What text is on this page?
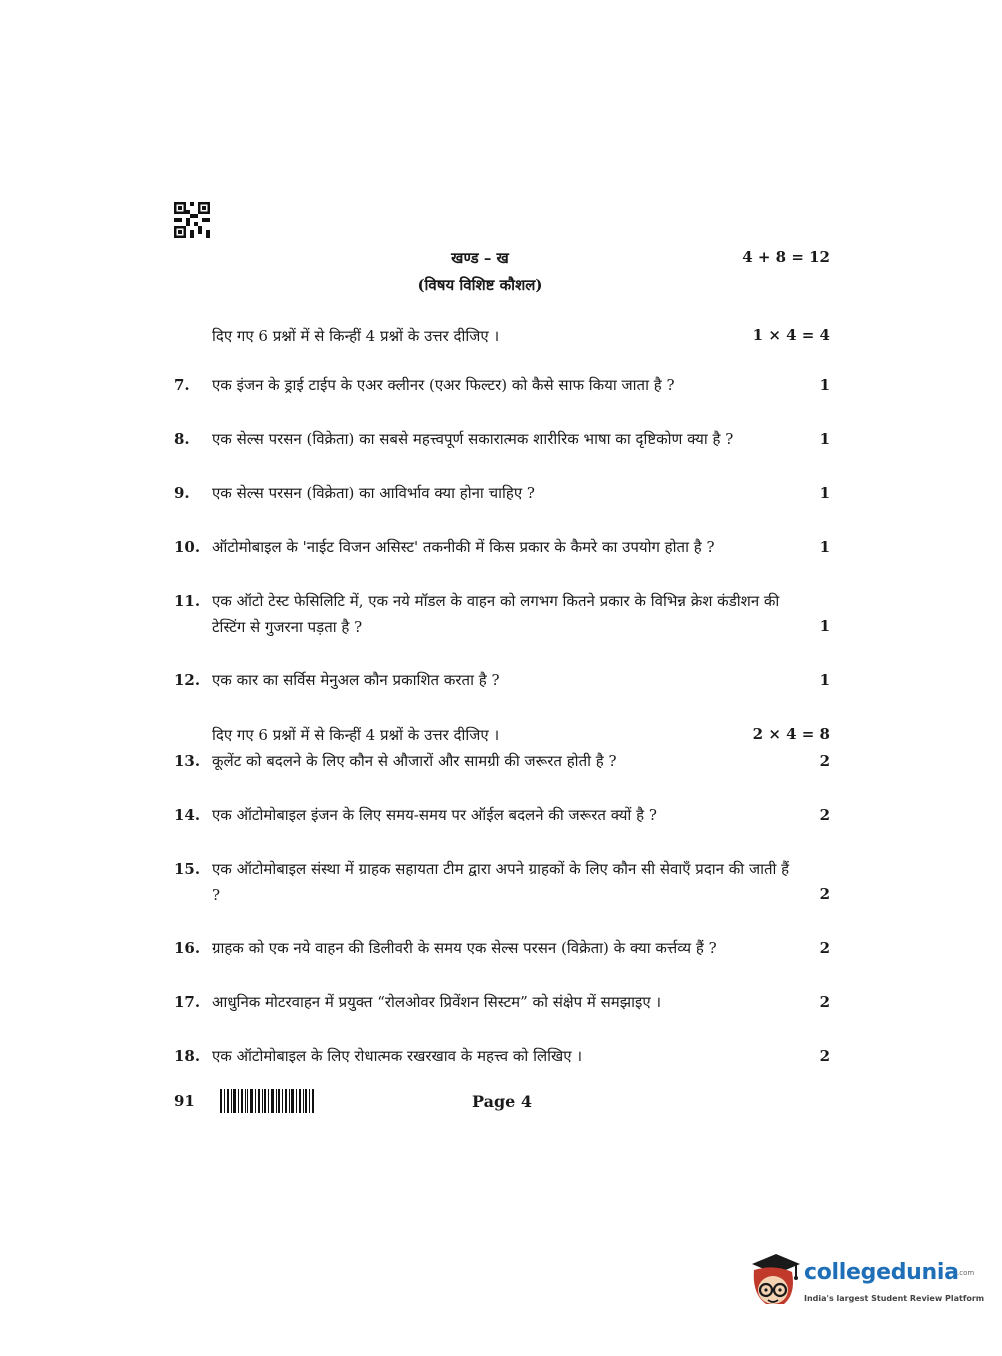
खण्ड – ख	4 + 8 = 12
(विषय विशिष्ट कौशल)
दिए गए 6 प्रश्नों में से किन्हीं 4 प्रश्नों के उत्तर दीजिए ।	1 × 4 = 4
7.	एक इंजन के ड्राई टाईप के एअर क्लीनर (एअर फिल्टर) को कैसे साफ किया जाता है ?	1
8.	एक सेल्स परसन (विक्रेता) का सबसे महत्त्वपूर्ण सकारात्मक शारीरिक भाषा का दृष्टिकोण क्या है ?	1
9.	एक सेल्स परसन (विक्रेता) का आविर्भाव क्या होना चाहिए ?	1
10. ऑटोमोबाइल के 'नाईट विजन असिस्ट' तकनीकी में किस प्रकार के कैमरे का उपयोग होता है ?	1
11. एक ऑटो टेस्ट फेसिलिटि में, एक नये मॉडल के वाहन को लगभग कितने प्रकार के विभिन्न क्रेश कंडीशन की टेस्टिंग से गुजरना पड़ता है ?	1
12. एक कार का सर्विस मेनुअल कौन प्रकाशित करता है ?	1
दिए गए 6 प्रश्नों में से किन्हीं 4 प्रश्नों के उत्तर दीजिए ।	2 × 4 = 8
13. कूलेंट को बदलने के लिए कौन से औजारों और सामग्री की जरूरत होती है ?	2
14. एक ऑटोमोबाइल इंजन के लिए समय-समय पर ऑईल बदलने की जरूरत क्यों है ?	2
15. एक ऑटोमोबाइल संस्था में ग्राहक सहायता टीम द्वारा अपने ग्राहकों के लिए कौन सी सेवाएँ प्रदान की जाती हैं ?	2
16. ग्राहक को एक नये वाहन की डिलीवरी के समय एक सेल्स परसन (विक्रेता) के क्या कर्त्तव्य हैं ?	2
17. आधुनिक मोटरवाहन में प्रयुक्त “रोलओवर प्रिवेंशन सिस्टम” को संक्षेप में समझाइए ।	2
18. एक ऑटोमोबाइल के लिए रोधात्मक रखरखाव के महत्त्व को लिखिए ।	2
91	Page 4
collegedunia
.com
India's largest Student Review Platform
